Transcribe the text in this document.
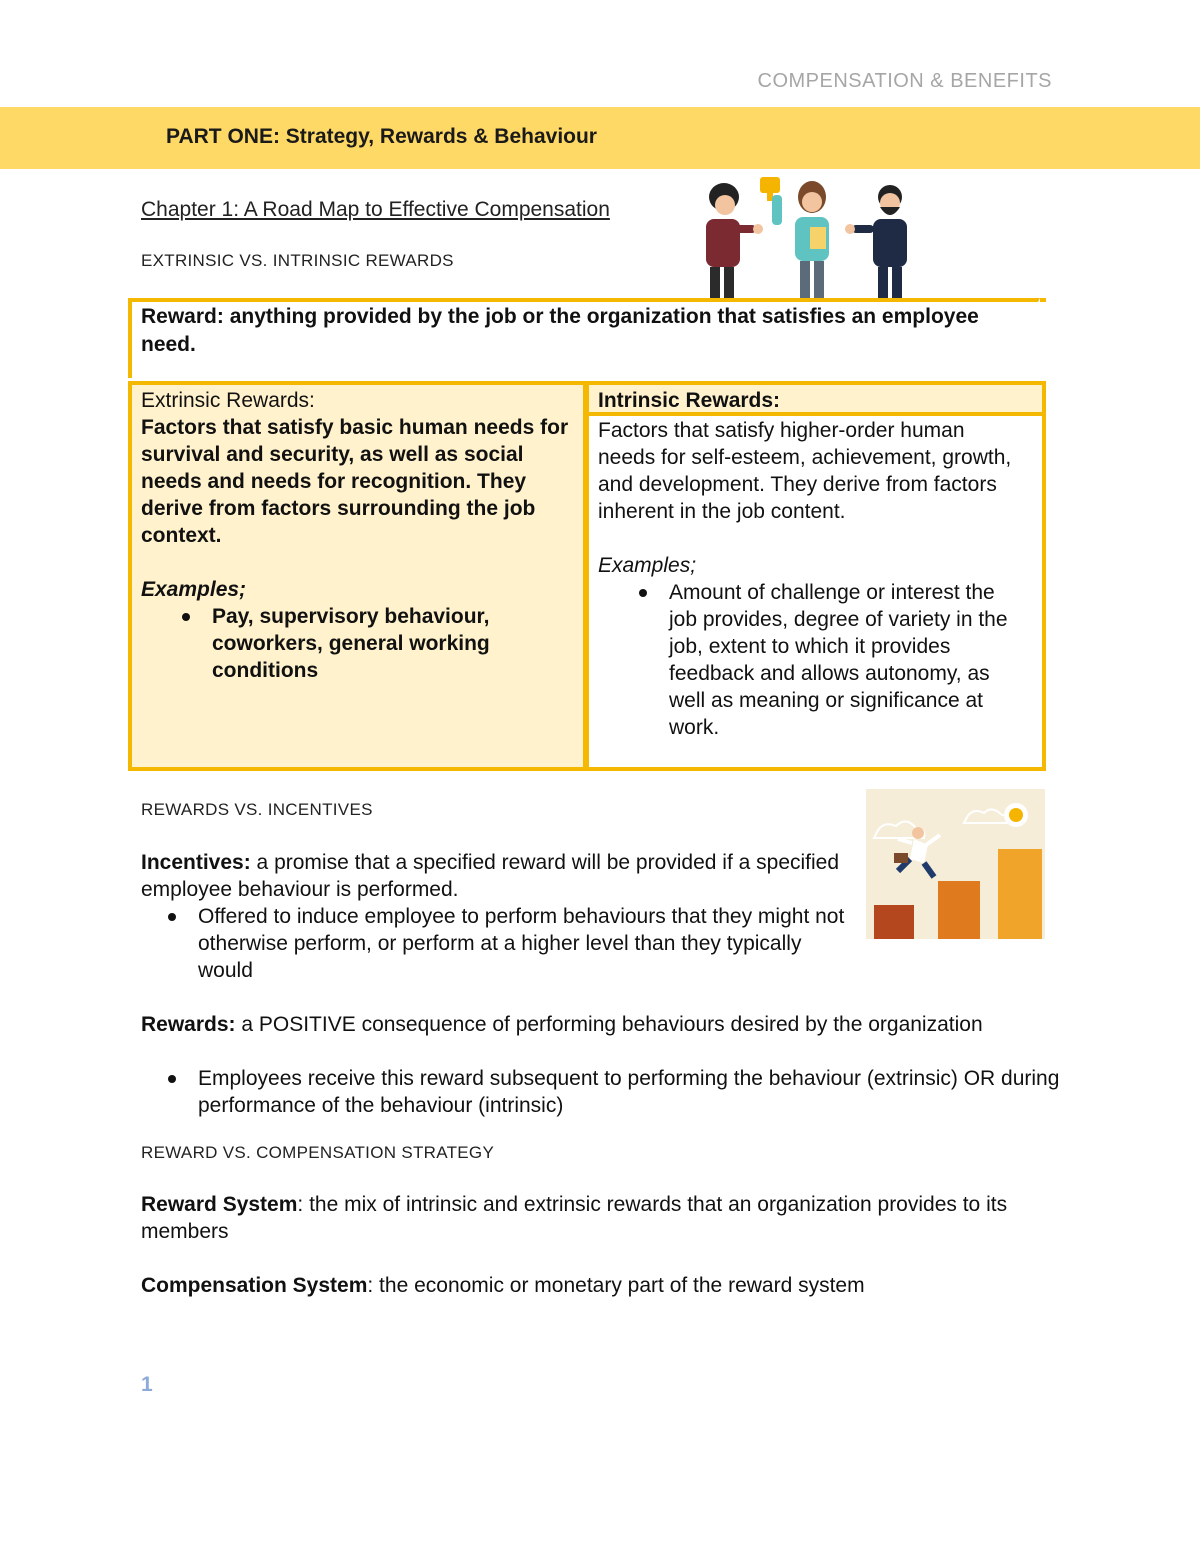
COMPENSATION & BENEFITS
PART ONE: Strategy, Rewards & Behaviour
Chapter 1: A Road Map to Effective Compensation
EXTRINSIC VS. INTRINSIC REWARDS
Reward: anything provided by the job or the organization that satisfies an employee need.
Extrinsic Rewards:
Factors that satisfy basic human needs for survival and security, as well as social needs and needs for recognition. They derive from factors surrounding the job context.
Examples;
Pay, supervisory behaviour, coworkers, general working conditions
Intrinsic Rewards:
Factors that satisfy higher-order human needs for self-esteem, achievement, growth, and development. They derive from factors inherent in the job content.
Examples;
Amount of challenge or interest the job provides, degree of variety in the job, extent to which it provides feedback and allows autonomy, as well as meaning or significance at work.
REWARDS VS. INCENTIVES
Incentives: a promise that a specified reward will be provided if a specified employee behaviour is performed.
Offered to induce employee to perform behaviours that they might not otherwise perform, or perform at a higher level than they typically would
Rewards: a POSITIVE consequence of performing behaviours desired by the organization
Employees receive this reward subsequent to performing the behaviour (extrinsic) OR during performance of the behaviour (intrinsic)
REWARD VS. COMPENSATION STRATEGY
Reward System: the mix of intrinsic and extrinsic rewards that an organization provides to its members
Compensation System: the economic or monetary part of the reward system
1
